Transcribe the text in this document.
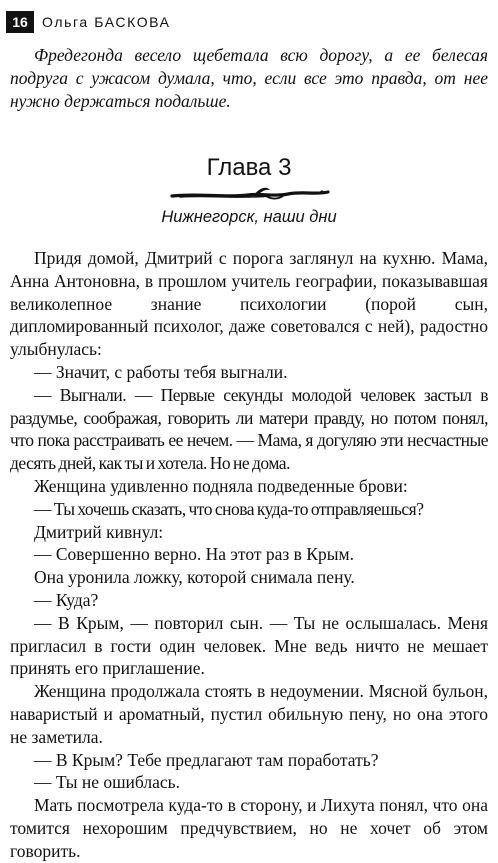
16	Ольга БАСКОВА

Фредегонда весело щебетала всю дорогу, а ее белесая подруга с ужасом думала, что, если все это правда, от нее нужно держаться подальше.

Глава 3

Нижнегорск, наши дни

Придя домой, Дмитрий с порога заглянул на кухню. Мама, Анна Антоновна, в прошлом учитель географии, показывавшая великолепное знание психологии (порой сын, дипломированный психолог, даже советовался с ней), радостно улыбнулась:

— Значит, с работы тебя выгнали.

— Выгнали. — Первые секунды молодой человек застыл в раздумье, соображая, говорить ли матери правду, но потом понял, что пока расстраивать ее нечем. — Мама, я догуляю эти несчастные десять дней, как ты и хотела. Но не дома.

Женщина удивленно подняла подведенные брови:

— Ты хочешь сказать, что снова куда-то отправляешься?

Дмитрий кивнул:

— Совершенно верно. На этот раз в Крым.

Она уронила ложку, которой снимала пену.

— Куда?

— В Крым, — повторил сын. — Ты не ослышалась. Меня пригласил в гости один человек. Мне ведь ничто не мешает принять его приглашение.

Женщина продолжала стоять в недоумении. Мясной бульон, наваристый и ароматный, пустил обильную пену, но она этого не заметила.

— В Крым? Тебе предлагают там поработать?

— Ты не ошиблась.

Мать посмотрела куда-то в сторону, и Лихута понял, что она томится нехорошим предчувствием, но не хочет об этом говорить.
